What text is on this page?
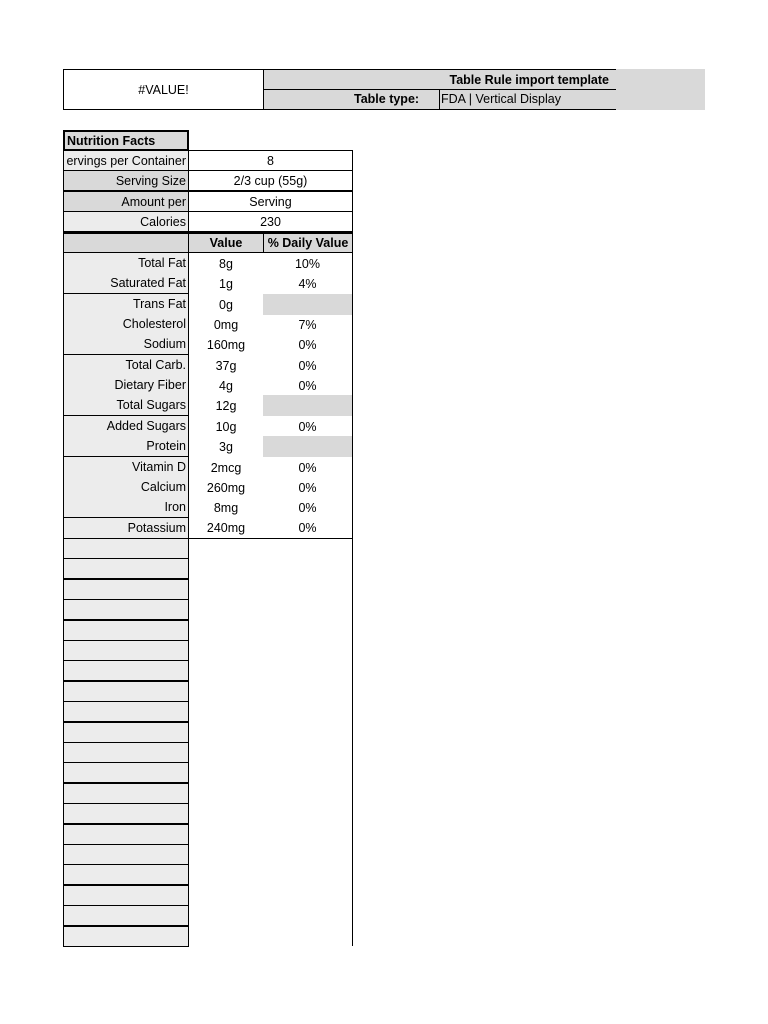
#VALUE!
Table Rule import template
Table type: FDA | Vertical Display
Nutrition Facts
ervings per Container	8
Serving Size	2/3 cup (55g)
Amount per	Serving
Calories	230
Value % Daily Value
Total Fat	8g	10%
Saturated Fat	1g	4%
Trans Fat	0g
Cholesterol 0mg	7%
Sodium 160mg	0%
Total Carb. 37g	0%
Dietary Fiber	4g	0%
Total Sugars 12g
Added Sugars 10g	0%
Protein	3g
Vitamin D 2mcg	0%
Calcium 260mg	0%
Iron 8mg	0%
Potassium 240mg	0%
